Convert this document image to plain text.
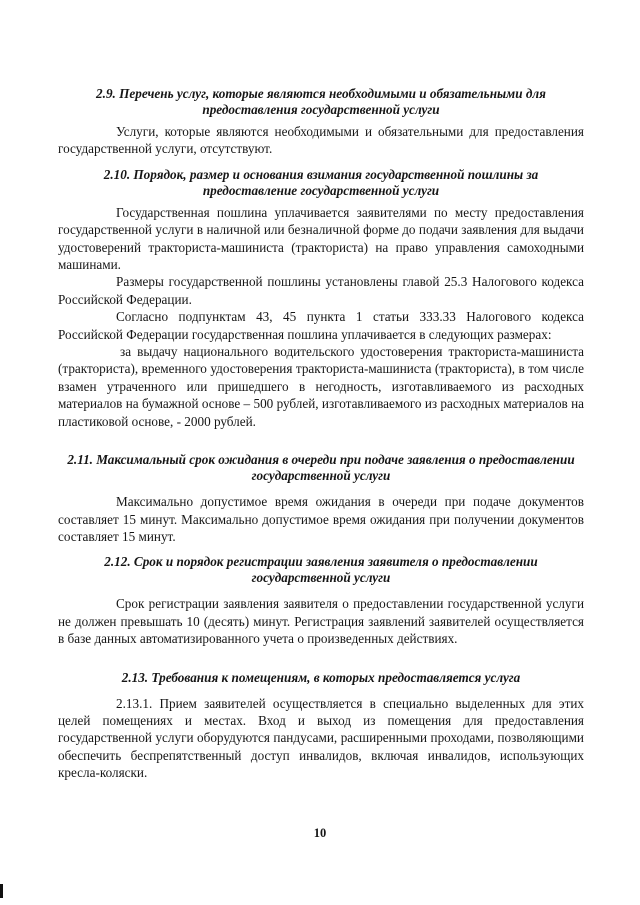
2.9. Перечень услуг, которые являются необходимыми и обязательными для предоставления государственной услуги

Услуги, которые являются необходимыми и обязательными для предоставления государственной услуги, отсутствуют.

2.10. Порядок, размер и основания взимания государственной пошлины за предоставление государственной услуги

Государственная пошлина уплачивается заявителями по месту предоставления государственной услуги в наличной или безналичной форме до подачи заявления для выдачи удостоверений тракториста-машиниста (тракториста) на право управления самоходными машинами.

Размеры государственной пошлины установлены главой 25.3 Налогового кодекса Российской Федерации.

Согласно подпунктам 43, 45 пункта 1 статьи 333.33 Налогового кодекса Российской Федерации государственная пошлина уплачивается в следующих размерах:

за выдачу национального водительского удостоверения тракториста-машиниста (тракториста), временного удостоверения тракториста-машиниста (тракториста), в том числе взамен утраченного или пришедшего в негодность, изготавливаемого из расходных материалов на бумажной основе – 500 рублей, изготавливаемого из расходных материалов на пластиковой основе, - 2000 рублей.

2.11. Максимальный срок ожидания в очереди при подаче заявления о предоставлении государственной услуги

Максимально допустимое время ожидания в очереди при подаче документов составляет 15 минут. Максимально допустимое время ожидания при получении документов составляет 15 минут.

2.12. Срок и порядок регистрации заявления заявителя о предоставлении государственной услуги

Срок регистрации заявления заявителя о предоставлении государственной услуги не должен превышать 10 (десять) минут. Регистрация заявлений заявителей осуществляется в базе данных автоматизированного учета о произведенных действиях.

2.13. Требования к помещениям, в которых предоставляется услуга

2.13.1. Прием заявителей осуществляется в специально выделенных для этих целей помещениях и местах. Вход и выход из помещения для предоставления государственной услуги оборудуются пандусами, расширенными проходами, позволяющими обеспечить беспрепятственный доступ инвалидов, включая инвалидов, использующих кресла-коляски.

10
